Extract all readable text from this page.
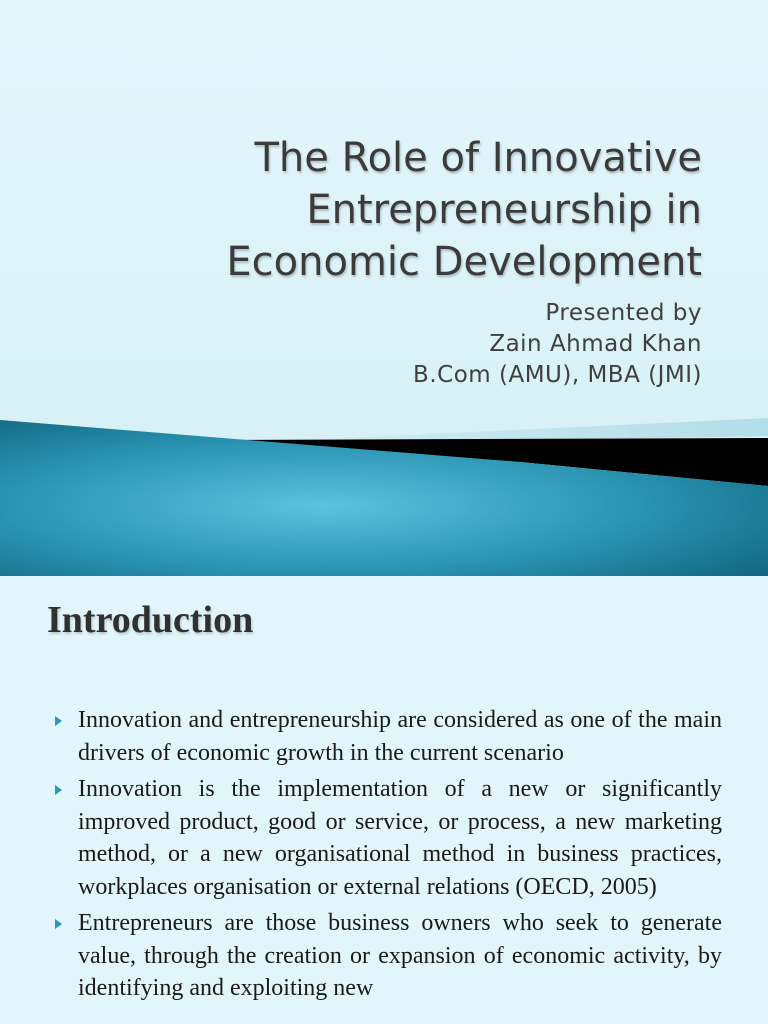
The Role of Innovative
Entrepreneurship in
Economic Development
Presented by
Zain Ahmad Khan
B.Com (AMU), MBA (JMI)
Introduction
Innovation and entrepreneurship are considered as one of the main drivers of economic growth in the current scenario
Innovation is the implementation of a new or significantly improved product, good or service, or process, a new marketing method, or a new organisational method in business practices, workplaces organisation or external relations (OECD, 2005)
Entrepreneurs are those business owners who seek to generate value, through the creation or expansion of economic activity, by identifying and exploiting new
